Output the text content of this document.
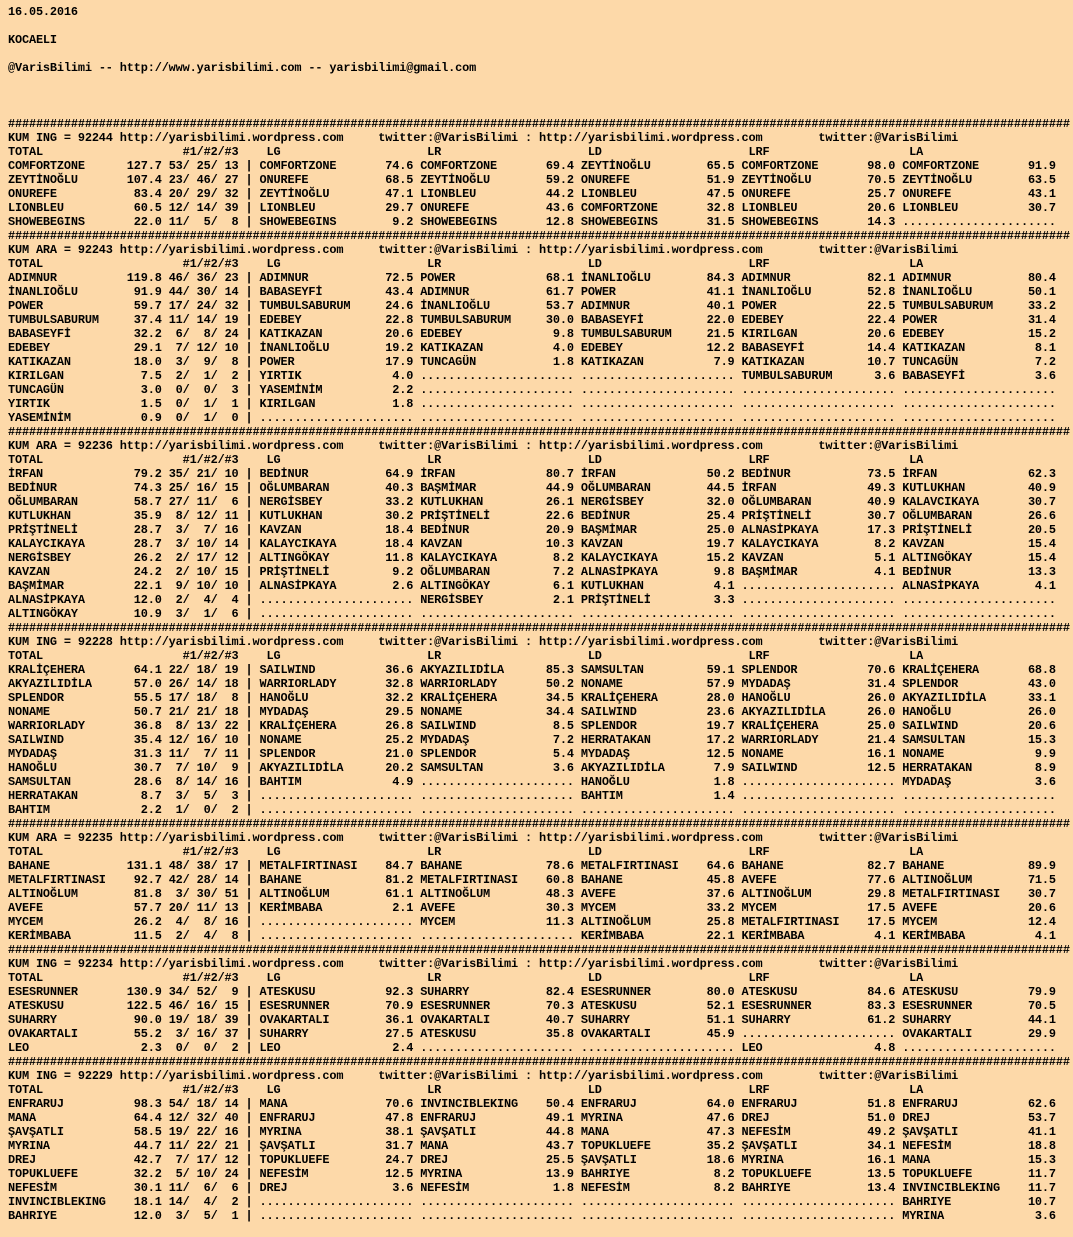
16.05.2016

KOCAELI

@VarisBilimi -- http://www.yarisbilimi.com -- yarisbilimi@gmail.com

########################################################################################################################################################
KUM ING = 92244 http://yarisbilimi.wordpress.com	twitter:@VarisBilimi : http://yarisbilimi.wordpress.com	twitter:@VarisBilimi
TOTAL                    #1/#2/#3    LG                     LR                     LD                     LRF                    LA
COMFORTZONE      127.7 53/ 25/ 13 | COMFORTZONE       74.6 COMFORTZONE       69.4 ZEYTİNOĞLU        65.5 COMFORTZONE       98.0 COMFORTZONE       91.9
ZEYTİNOĞLU       107.4 23/ 46/ 27 | ONUREFE           68.5 ZEYTİNOĞLU        59.2 ONUREFE           51.9 ZEYTİNOĞLU        70.5 ZEYTİNOĞLU        63.5
ONUREFE           83.4 20/ 29/ 32 | ZEYTİNOĞLU        47.1 LIONBLEU          44.2 LIONBLEU          47.5 ONUREFE           25.7 ONUREFE           43.1
LIONBLEU          60.5 12/ 14/ 39 | LIONBLEU          29.7 ONUREFE           43.6 COMFORTZONE       32.8 LIONBLEU          20.6 LIONBLEU          30.7
SHOWEBEGINS       22.0 11/  5/  8 | SHOWEBEGINS        9.2 SHOWEBEGINS       12.8 SHOWEBEGINS       31.5 SHOWEBEGINS       14.3 ......................
########################################################################################################################################################
KUM ARA = 92243 http://yarisbilimi.wordpress.com	twitter:@VarisBilimi : http://yarisbilimi.wordpress.com	twitter:@VarisBilimi
TOTAL                    #1/#2/#3    LG                     LR                     LD                     LRF                    LA
ADIMNUR          119.8 46/ 36/ 23 | ADIMNUR           72.5 POWER             68.1 İNANLIOĞLU        84.3 ADIMNUR           82.1 ADIMNUR           80.4
İNANLIOĞLU        91.9 44/ 30/ 14 | BABASEYFİ         43.4 ADIMNUR           61.7 POWER             41.1 İNANLIOĞLU        52.8 İNANLIOĞLU        50.1
POWER             59.7 17/ 24/ 32 | TUMBULSABURUM     24.6 İNANLIOĞLU        53.7 ADIMNUR           40.1 POWER             22.5 TUMBULSABURUM     33.2
TUMBULSABURUM     37.4 11/ 14/ 19 | EDEBEY            22.8 TUMBULSABURUM     30.0 BABASEYFİ         22.0 EDEBEY            22.4 POWER             31.4
BABASEYFİ         32.2  6/  8/ 24 | KATIKAZAN         20.6 EDEBEY             9.8 TUMBULSABURUM     21.5 KIRILGAN          20.6 EDEBEY            15.2
EDEBEY            29.1  7/ 12/ 10 | İNANLIOĞLU        19.2 KATIKAZAN          4.0 EDEBEY            12.2 BABASEYFİ         14.4 KATIKAZAN          8.1
KATIKAZAN         18.0  3/  9/  8 | POWER             17.9 TUNCAGÜN           1.8 KATIKAZAN          7.9 KATIKAZAN         10.7 TUNCAGÜN           7.2
KIRILGAN           7.5  2/  1/  2 | YIRTIK             4.0 ...................... ...................... TUMBULSABURUM      3.6 BABASEYFİ          3.6
TUNCAGÜN           3.0  0/  0/  3 | YASEMİNİM          2.2 ...................... ...................... ...................... ......................
YIRTIK             1.5  0/  1/  1 | KIRILGAN           1.8 ...................... ...................... ...................... ......................
YASEMİNİM          0.9  0/  1/  0 | ...................... ...................... ...................... ...................... ......................
########################################################################################################################################################
KUM ARA = 92236 http://yarisbilimi.wordpress.com	twitter:@VarisBilimi : http://yarisbilimi.wordpress.com	twitter:@VarisBilimi
TOTAL                    #1/#2/#3    LG                     LR                     LD                     LRF                    LA
İRFAN             79.2 35/ 21/ 10 | BEDİNUR           64.9 İRFAN             80.7 İRFAN             50.2 BEDİNUR           73.5 İRFAN             62.3
BEDİNUR           74.3 25/ 16/ 15 | OĞLUMBARAN        40.3 BAŞMİMAR          44.9 OĞLUMBARAN        44.5 İRFAN             49.3 KUTLUKHAN         40.9
OĞLUMBARAN        58.7 27/ 11/  6 | NERGİSBEY         33.2 KUTLUKHAN         26.1 NERGİSBEY         32.0 OĞLUMBARAN        40.9 KALAVCIKAYA       30.7
KUTLUKHAN         35.9  8/ 12/ 11 | KUTLUKHAN         30.2 PRİŞTİNELİ        22.6 BEDİNUR           25.4 PRİŞTİNELİ        30.7 OĞLUMBARAN        26.6
PRİŞTİNELİ        28.7  3/  7/ 16 | KAVZAN            18.4 BEDİNUR           20.9 BAŞMİMAR          25.0 ALNASİPKAYA       17.3 PRİŞTİNELİ        20.5
KALAYCIKAYA       28.7  3/ 10/ 14 | KALAYCIKAYA       18.4 KAVZAN            10.3 KAVZAN            19.7 KALAYCIKAYA        8.2 KAVZAN            15.4
NERGİSBEY         26.2  2/ 17/ 12 | ALTINGÖKAY        11.8 KALAYCIKAYA        8.2 KALAYCIKAYA       15.2 KAVZAN             5.1 ALTINGÖKAY        15.4
KAVZAN            24.2  2/ 10/ 15 | PRİŞTİNELİ         9.2 OĞLUMBARAN         7.2 ALNASİPKAYA        9.8 BAŞMİMAR           4.1 BEDİNUR           13.3
BAŞMİMAR          22.1  9/ 10/ 10 | ALNASİPKAYA        2.6 ALTINGÖKAY         6.1 KUTLUKHAN          4.1 ...................... ALNASİPKAYA        4.1
ALNASİPKAYA       12.0  2/  4/  4 | ...................... NERGİSBEY          2.1 PRİŞTİNELİ         3.3 ...................... ......................
ALTINGÖKAY        10.9  3/  1/  6 | ...................... ...................... ...................... ...................... ......................
########################################################################################################################################################
KUM ING = 92228 http://yarisbilimi.wordpress.com	twitter:@VarisBilimi : http://yarisbilimi.wordpress.com	twitter:@VarisBilimi
TOTAL                    #1/#2/#3    LG                     LR                     LD                     LRF                    LA
KRALİÇEHERA       64.1 22/ 18/ 19 | SAILWIND          36.6 AKYAZILIDİLA      85.3 SAMSULTAN         59.1 SPLENDOR          70.6 KRALİÇEHERA       68.8
AKYAZILIDİLA      57.0 26/ 14/ 18 | WARRIORLADY       32.8 WARRIORLADY       50.2 NONAME            57.9 MYDADAŞ           31.4 SPLENDOR          43.0
SPLENDOR          55.5 17/ 18/  8 | HANOĞLU           32.2 KRALİÇEHERA       34.5 KRALİÇEHERA       28.0 HANOĞLU           26.0 AKYAZILIDİLA      33.1
NONAME            50.7 21/ 21/ 18 | MYDADAŞ           29.5 NONAME            34.4 SAILWIND          23.6 AKYAZILIDİLA      26.0 HANOĞLU           26.0
WARRIORLADY       36.8  8/ 13/ 22 | KRALİÇEHERA       26.8 SAILWIND           8.5 SPLENDOR          19.7 KRALİÇEHERA       25.0 SAILWIND          20.6
SAILWIND          35.4 12/ 16/ 10 | NONAME            25.2 MYDADAŞ            7.2 HERRATAKAN        17.2 WARRIORLADY       21.4 SAMSULTAN         15.3
MYDADAŞ           31.3 11/  7/ 11 | SPLENDOR          21.0 SPLENDOR           5.4 MYDADAŞ           12.5 NONAME            16.1 NONAME             9.9
HANOĞLU           30.7  7/ 10/  9 | AKYAZILIDİLA      20.2 SAMSULTAN          3.6 AKYAZILIDİLA       7.9 SAILWIND          12.5 HERRATAKAN         8.9
SAMSULTAN         28.6  8/ 14/ 16 | BAHTIM             4.9 ...................... HANOĞLU            1.8 ...................... MYDADAŞ            3.6
HERRATAKAN         8.7  3/  5/  3 | ...................... ...................... BAHTIM             1.4 ...................... ......................
BAHTIM             2.2  1/  0/  2 | ...................... ...................... ...................... ...................... ......................
########################################################################################################################################################
KUM ARA = 92235 http://yarisbilimi.wordpress.com	twitter:@VarisBilimi : http://yarisbilimi.wordpress.com	twitter:@VarisBilimi
TOTAL                    #1/#2/#3    LG                     LR                     LD                     LRF                    LA
BAHANE           131.1 48/ 38/ 17 | METALFIRTINASI    84.7 BAHANE            78.6 METALFIRTINASI    64.6 BAHANE            82.7 BAHANE            89.9
METALFIRTINASI    92.7 42/ 28/ 14 | BAHANE            81.2 METALFIRTINASI    60.8 BAHANE            45.8 AVEFE             77.6 ALTINOĞLUM        71.5
ALTINOĞLUM        81.8  3/ 30/ 51 | ALTINOĞLUM        61.1 ALTINOĞLUM        48.3 AVEFE             37.6 ALTINOĞLUM        29.8 METALFIRTINASI    30.7
AVEFE             57.7 20/ 11/ 13 | KERİMBABA          2.1 AVEFE             30.3 MYCEM             33.2 MYCEM             17.5 AVEFE             20.6
MYCEM             26.2  4/  8/ 16 | ...................... MYCEM             11.3 ALTINOĞLUM        25.8 METALFIRTINASI    17.5 MYCEM             12.4
KERİMBABA         11.5  2/  4/  8 | ...................... ...................... KERİMBABA         22.1 KERİMBABA          4.1 KERİMBABA          4.1
########################################################################################################################################################
KUM ING = 92234 http://yarisbilimi.wordpress.com	twitter:@VarisBilimi : http://yarisbilimi.wordpress.com	twitter:@VarisBilimi
TOTAL                    #1/#2/#3    LG                     LR                     LD                     LRF                    LA
ESESRUNNER       130.9 34/ 52/  9 | ATESKUSU          92.3 SUHARRY           82.4 ESESRUNNER        80.0 ATESKUSU          84.6 ATESKUSU          79.9
ATESKUSU         122.5 46/ 16/ 15 | ESESRUNNER        70.9 ESESRUNNER        70.3 ATESKUSU          52.1 ESESRUNNER        83.3 ESESRUNNER        70.5
SUHARRY           90.0 19/ 18/ 39 | OVAKARTALI        36.1 OVAKARTALI        40.7 SUHARRY           51.1 SUHARRY           61.2 SUHARRY           44.1
OVAKARTALI        55.2  3/ 16/ 37 | SUHARRY           27.5 ATESKUSU          35.8 OVAKARTALI        45.9 ...................... OVAKARTALI        29.9
LEO                2.3  0/  0/  2 | LEO                2.4 ...................... ...................... LEO                4.8 ......................
########################################################################################################################################################
KUM ING = 92229 http://yarisbilimi.wordpress.com	twitter:@VarisBilimi : http://yarisbilimi.wordpress.com	twitter:@VarisBilimi
TOTAL                    #1/#2/#3    LG                     LR                     LD                     LRF                    LA
ENFRARUJ          98.3 54/ 18/ 14 | MANA              70.6 INVINCIBLEKING    50.4 ENFRARUJ          64.0 ENFRARUJ          51.8 ENFRARUJ          62.6
MANA              64.4 12/ 32/ 40 | ENFRARUJ          47.8 ENFRARUJ          49.1 MYRINA            47.6 DREJ              51.0 DREJ              53.7
ŞAVŞATLI          58.5 19/ 22/ 16 | MYRINA            38.1 ŞAVŞATLI          44.8 MANA              47.3 NEFESİM           49.2 ŞAVŞATLI          41.1
MYRINA            44.7 11/ 22/ 21 | ŞAVŞATLI          31.7 MANA              43.7 TOPUKLUEFE        35.2 ŞAVŞATLI          34.1 NEFESİM           18.8
DREJ              42.7  7/ 17/ 12 | TOPUKLUEFE        24.7 DREJ              25.5 ŞAVŞATLI          18.6 MYRINA            16.1 MANA              15.3
TOPUKLUEFE        32.2  5/ 10/ 24 | NEFESİM           12.5 MYRINA            13.9 BAHRIYE            8.2 TOPUKLUEFE        13.5 TOPUKLUEFE        11.7
NEFESİM           30.1 11/  6/  6 | DREJ               3.6 NEFESİM            1.8 NEFESİM            8.2 BAHRIYE           13.4 INVINCIBLEKING    11.7
INVINCIBLEKING    18.1 14/  4/  2 | ...................... ...................... ...................... ...................... BAHRIYE           10.7
BAHRIYE           12.0  3/  5/  1 | ...................... ...................... ...................... ...................... MYRINA             3.6
